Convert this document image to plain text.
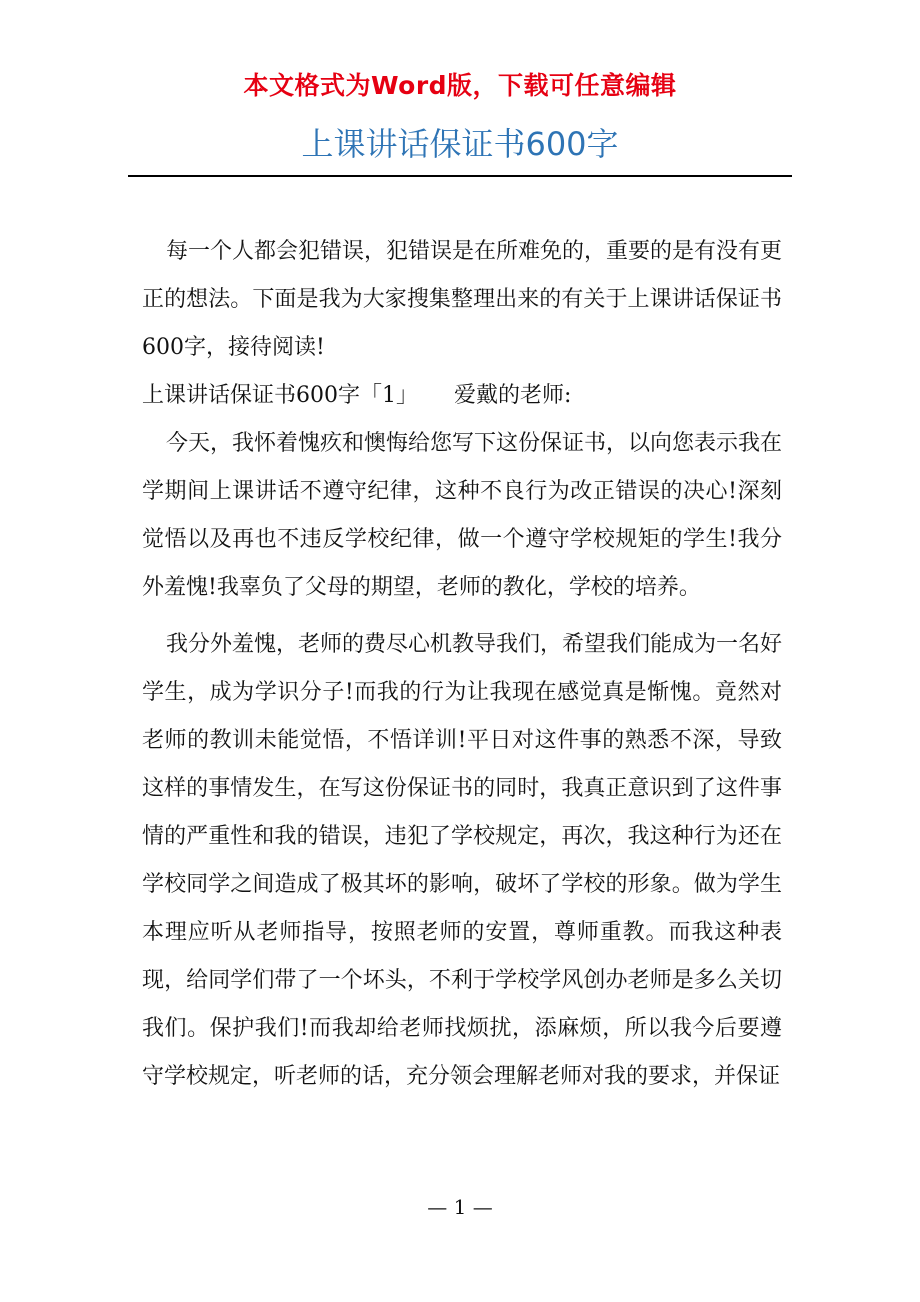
本文格式为Word版，下载可任意编辑
上课讲话保证书600字

每一个人都会犯错误，犯错误是在所难免的，重要的是有没有更正的想法。下面是我为大家搜集整理出来的有关于上课讲话保证书600字，接待阅读!

上课讲话保证书600字「1」 爱戴的老师:

今天，我怀着愧疚和懊悔给您写下这份保证书，以向您表示我在学期间上课讲话不遵守纪律，这种不良行为改正错误的决心!深刻觉悟以及再也不违反学校纪律，做一个遵守学校规矩的学生!我分外羞愧!我辜负了父母的期望，老师的教化，学校的培养。

我分外羞愧，老师的费尽心机教导我们，希望我们能成为一名好学生，成为学识分子!而我的行为让我现在感觉真是惭愧。竟然对老师的教训未能觉悟，不悟详训!平日对这件事的熟悉不深，导致这样的事情发生，在写这份保证书的同时，我真正意识到了这件事情的严重性和我的错误，违犯了学校规定，再次，我这种行为还在学校同学之间造成了极其坏的影响，破坏了学校的形象。做为学生本理应听从老师指导，按照老师的安置，尊师重教。而我这种表现，给同学们带了一个坏头，不利于学校学风创办老师是多么关切我们。保护我们!而我却给老师找烦扰，添麻烦，所以我今后要遵守学校规定，听老师的话，充分领会理解老师对我的要求，并保证

— 1 —
